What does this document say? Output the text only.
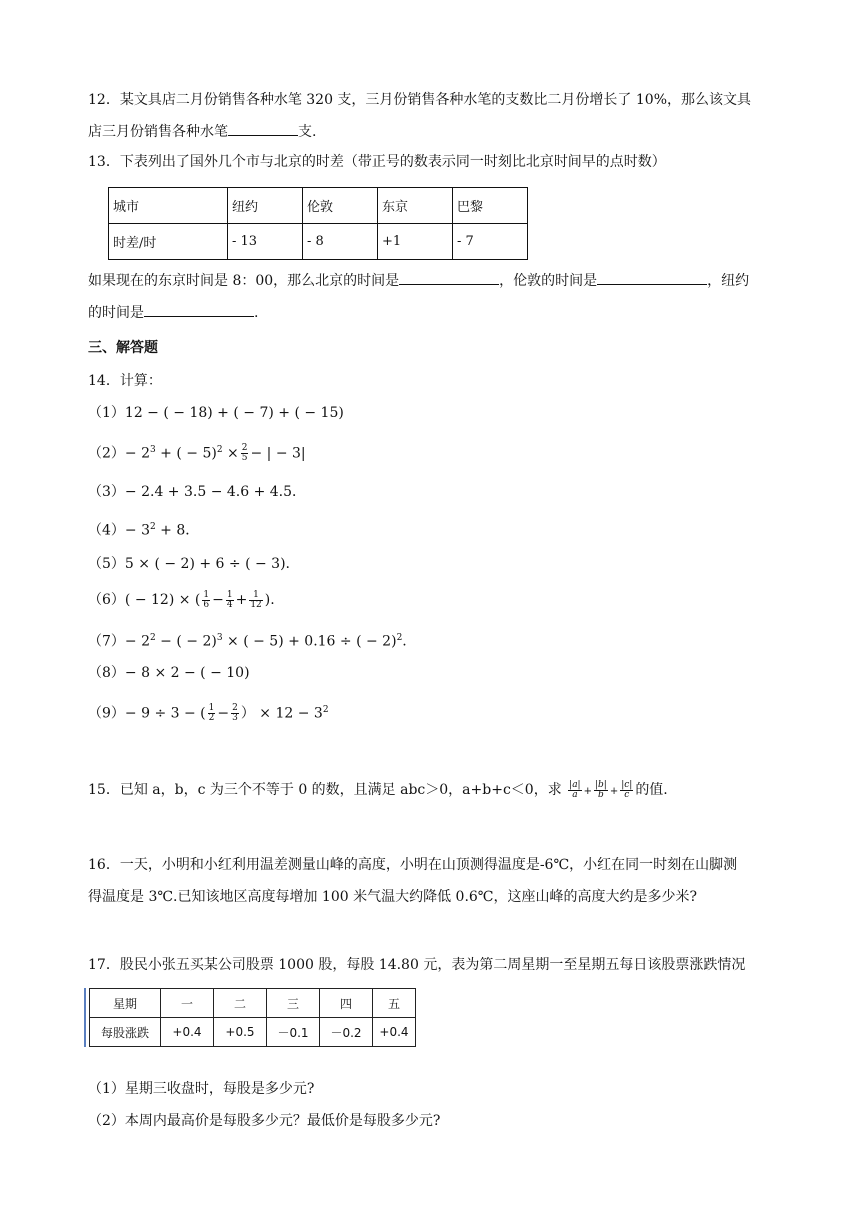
12．某文具店二月份销售各种水笔 320 支，三月份销售各种水笔的支数比二月份增长了 10%，那么该文具
店三月份销售各种水笔	支.
13．下表列出了国外几个市与北京的时差（带正号的数表示同一时刻比北京时间早的点时数）
城市	纽约	伦敦	东京	巴黎
时差/时	- 13	- 8	+1	- 7
如果现在的东京时间是 8：00，那么北京的时间是	，伦敦的时间是	，纽约
的时间是	.
三、解答题
14．计算：
（1）12 − ( − 18) + ( − 7) + ( − 15)
$(2)- 2^3$ + ( − $5)^2 \times \frac{2}{5}$ − | − 3|
（3）− 2.4 + 3.5 − 4.6 + 4.5．
$(4)- 3^2 + 8$．
（5）5 × ( − 2) + 6 ÷ ( − 3).
（6）( − 12) × ( $\frac{1}{6} - \frac{1}{4} + \frac{1}{12}$ ).
$(7)- 2^2$ − ( − 2)$^3$ × ( − 5) + 0.16 ÷ ( − 2)$^2$.
（8）− 8 × 2 − ( − 10)
（9）− 9 ÷ 3 − ( $\frac{1}{2} - \frac{2}{3}$ ） × $12 - 3^2$
15．已知 a，b，c 为三个不等于 0 的数，且满足 abc＞0，a+b+c＜0，求 $\frac{|a|}{a} + \frac{|b|}{b} + \frac{|c|}{c}$ 的值.
16．一天，小明和小红利用温差测量山峰的高度，小明在山顶测得温度是-6℃，小红在同一时刻在山脚测
得温度是 3℃.已知该地区高度每增加 100 米气温大约降低 0.6℃，这座山峰的高度大约是多少米?
17．股民小张五买某公司股票 1000 股，每股 14.80 元，表为第二周星期一至星期五每日该股票涨跌情况
星期	一	二	三	四	五
每股涨跌	+0.4	+0.5	－0.1	－0.2	+0.4
（1）星期三收盘时，每股是多少元?
（2）本周内最高价是每股多少元？最低价是每股多少元?
